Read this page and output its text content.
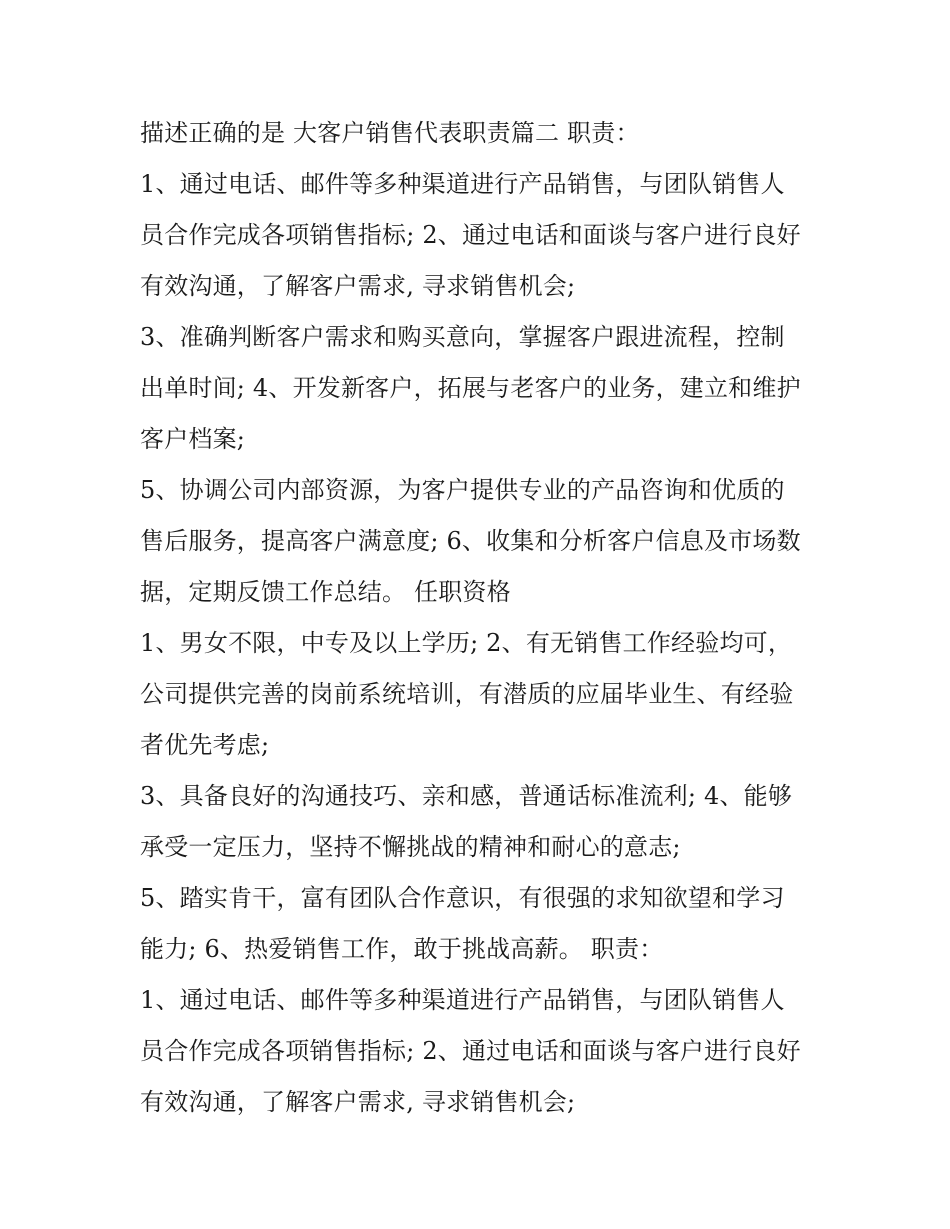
描述正确的是 大客户销售代表职责篇二 职责：
1、通过电话、邮件等多种渠道进行产品销售，与团队销售人
员合作完成各项销售指标; 2、通过电话和面谈与客户进行良好
有效沟通，了解客户需求, 寻求销售机会;
3、准确判断客户需求和购买意向，掌握客户跟进流程，控制
出单时间; 4、开发新客户，拓展与老客户的业务，建立和维护
客户档案;
5、协调公司内部资源，为客户提供专业的产品咨询和优质的
售后服务，提高客户满意度; 6、收集和分析客户信息及市场数
据，定期反馈工作总结。 任职资格
1、男女不限，中专及以上学历; 2、有无销售工作经验均可，
公司提供完善的岗前系统培训，有潜质的应届毕业生、有经验
者优先考虑;
3、具备良好的沟通技巧、亲和感，普通话标准流利; 4、能够
承受一定压力，坚持不懈挑战的精神和耐心的意志;
5、踏实肯干，富有团队合作意识，有很强的求知欲望和学习
能力; 6、热爱销售工作，敢于挑战高薪。 职责：
1、通过电话、邮件等多种渠道进行产品销售，与团队销售人
员合作完成各项销售指标; 2、通过电话和面谈与客户进行良好
有效沟通，了解客户需求, 寻求销售机会;
